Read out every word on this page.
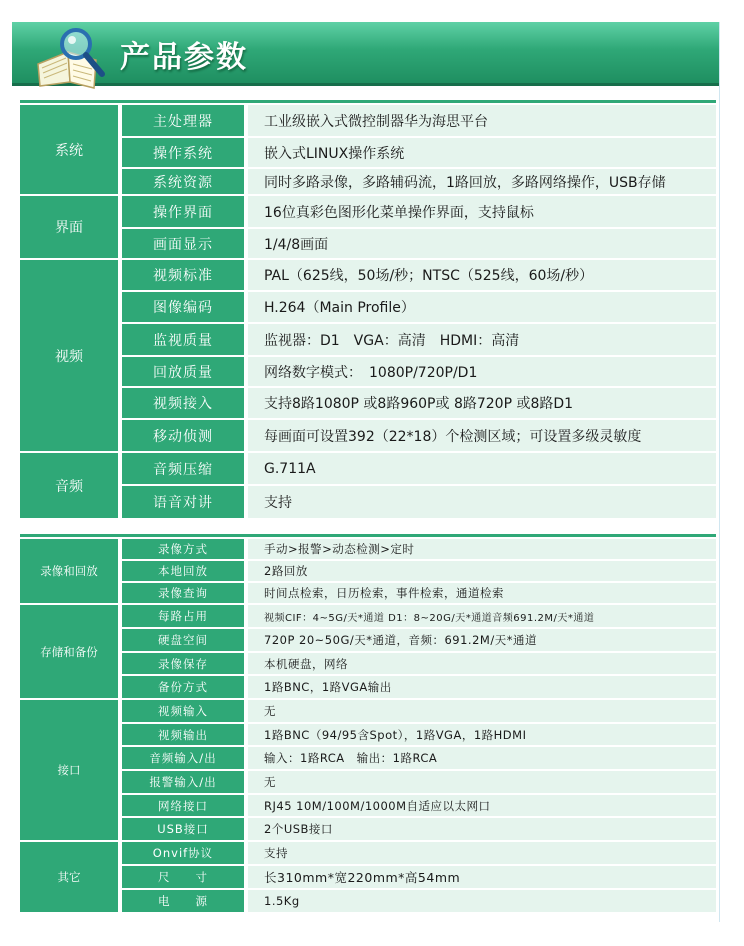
产品参数

系统	主处理器	工业级嵌入式微控制器华为海思平台
	操作系统	嵌入式LINUX操作系统
	系统资源	同时多路录像，多路辅码流，1路回放，多路网络操作，USB存储
界面	操作界面	16位真彩色图形化菜单操作界面，支持鼠标
	画面显示	1/4/8画面
视频	视频标准	PAL（625线，50场/秒；NTSC（525线，60场/秒）
	图像编码	H.264（Main Profile）
	监视质量	监视器：D1　VGA：高清　HDMI：高清
	回放质量	网络数字模式：　1080P/720P/D1
	视频接入	支持8路1080P 或8路960P或 8路720P 或8路D1
	移动侦测	每画面可设置392（22*18）个检测区域；可设置多级灵敏度
音频	音频压缩	G.711A
	语音对讲	支持

录像和回放	录像方式	手动>报警>动态检测>定时
	本地回放	2路回放
	录像查询	时间点检索，日历检索，事件检索，通道检索
存储和备份	每路占用	视频CIF：4~5G/天*通道 D1：8~20G/天*通道音频691.2M/天*通道
	硬盘空间	720P 20~50G/天*通道，音频：691.2M/天*通道
	录像保存	本机硬盘，网络
	备份方式	1路BNC，1路VGA输出
接口	视频输入	无
	视频输出	1路BNC（94/95含Spot），1路VGA，1路HDMI
	音频输入/出	输入：1路RCA　输出：1路RCA
	报警输入/出	无
	网络接口	RJ45 10M/100M/1000M自适应以太网口
	USB接口	2个USB接口
其它	Onvif协议	支持
	尺　　寸	长310mm*宽220mm*高54mm
	电　　源	1.5Kg
